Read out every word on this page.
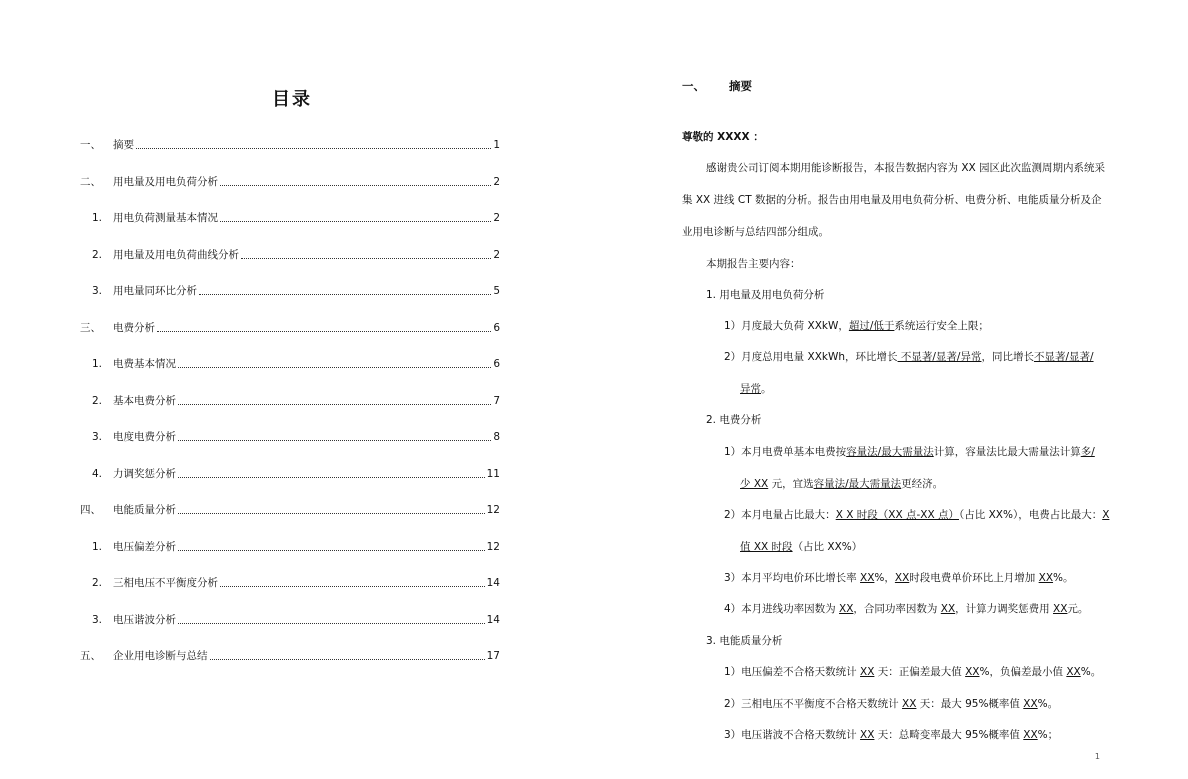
目录
一、	摘要	1
二、	用电量及用电负荷分析	2
1.	用电负荷测量基本情况	2
2.	用电量及用电负荷曲线分析	2
3.	用电量同环比分析	5
三、	电费分析	6
1.	电费基本情况	6
2.	基本电费分析	7
3.	电度电费分析	8
4.	力调奖惩分析	11
四、	电能质量分析	12
1.	电压偏差分析	12
2.	三相电压不平衡度分析	14
3.	电压谐波分析	14
五、	企业用电诊断与总结	17
一、 摘要
尊敬的 XXXX ：
感谢贵公司订阅本期用能诊断报告，本报告数据内容为 XX 园区此次监测周期内系统采
集 XX 进线 CT 数据的分析。报告由用电量及用电负荷分析、电费分析、电能质量分析及企
业用电诊断与总结四部分组成。
本期报告主要内容：
1. 用电量及用电负荷分析
1）月度最大负荷 XXkW，超过/低于系统运行安全上限；
2）月度总用电量 XXkWh，环比增长 不显著/显著/异常，同比增长不显著/显著/
异常。
2. 电费分析
1）本月电费单基本电费按容量法/最大需量法计算，容量法比最大需量法计算多/
少 XX 元，宜选容量法/最大需量法更经济。
2）本月电量占比最大：X X 时段（XX 点-XX 点）（占比 XX%），电费占比最大：X
值 XX 时段（占比 XX%）
3）本月平均电价环比增长率 XX%，XX时段电费单价环比上月增加 XX%。
4）本月进线功率因数为 XX，合同功率因数为 XX，计算力调奖惩费用 XX元。
3. 电能质量分析
1）电压偏差不合格天数统计 XX 天：正偏差最大值 XX%，负偏差最小值 XX%。
2）三相电压不平衡度不合格天数统计 XX 天：最大 95%概率值 XX%。
3）电压谐波不合格天数统计 XX 天：总畸变率最大 95%概率值 XX%；
1
